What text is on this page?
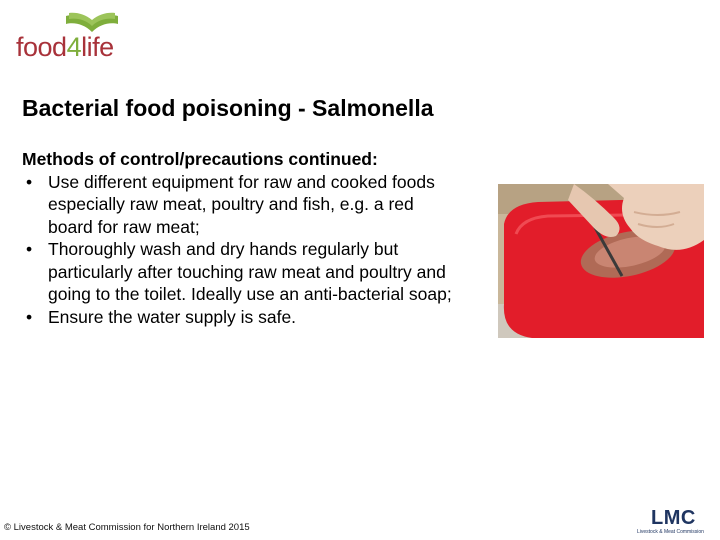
food4life
Bacterial food poisoning - Salmonella
Methods of control/precautions continued:
• Use different equipment for raw and cooked foods especially raw meat, poultry and fish, e.g. a red board for raw meat;
• Thoroughly wash and dry hands regularly but particularly after touching raw meat and poultry and going to the toilet. Ideally use an anti-bacterial soap;
• Ensure the water supply is safe.
© Livestock & Meat Commission for Northern Ireland 2015	LMC
Livestock & Meat Commission
